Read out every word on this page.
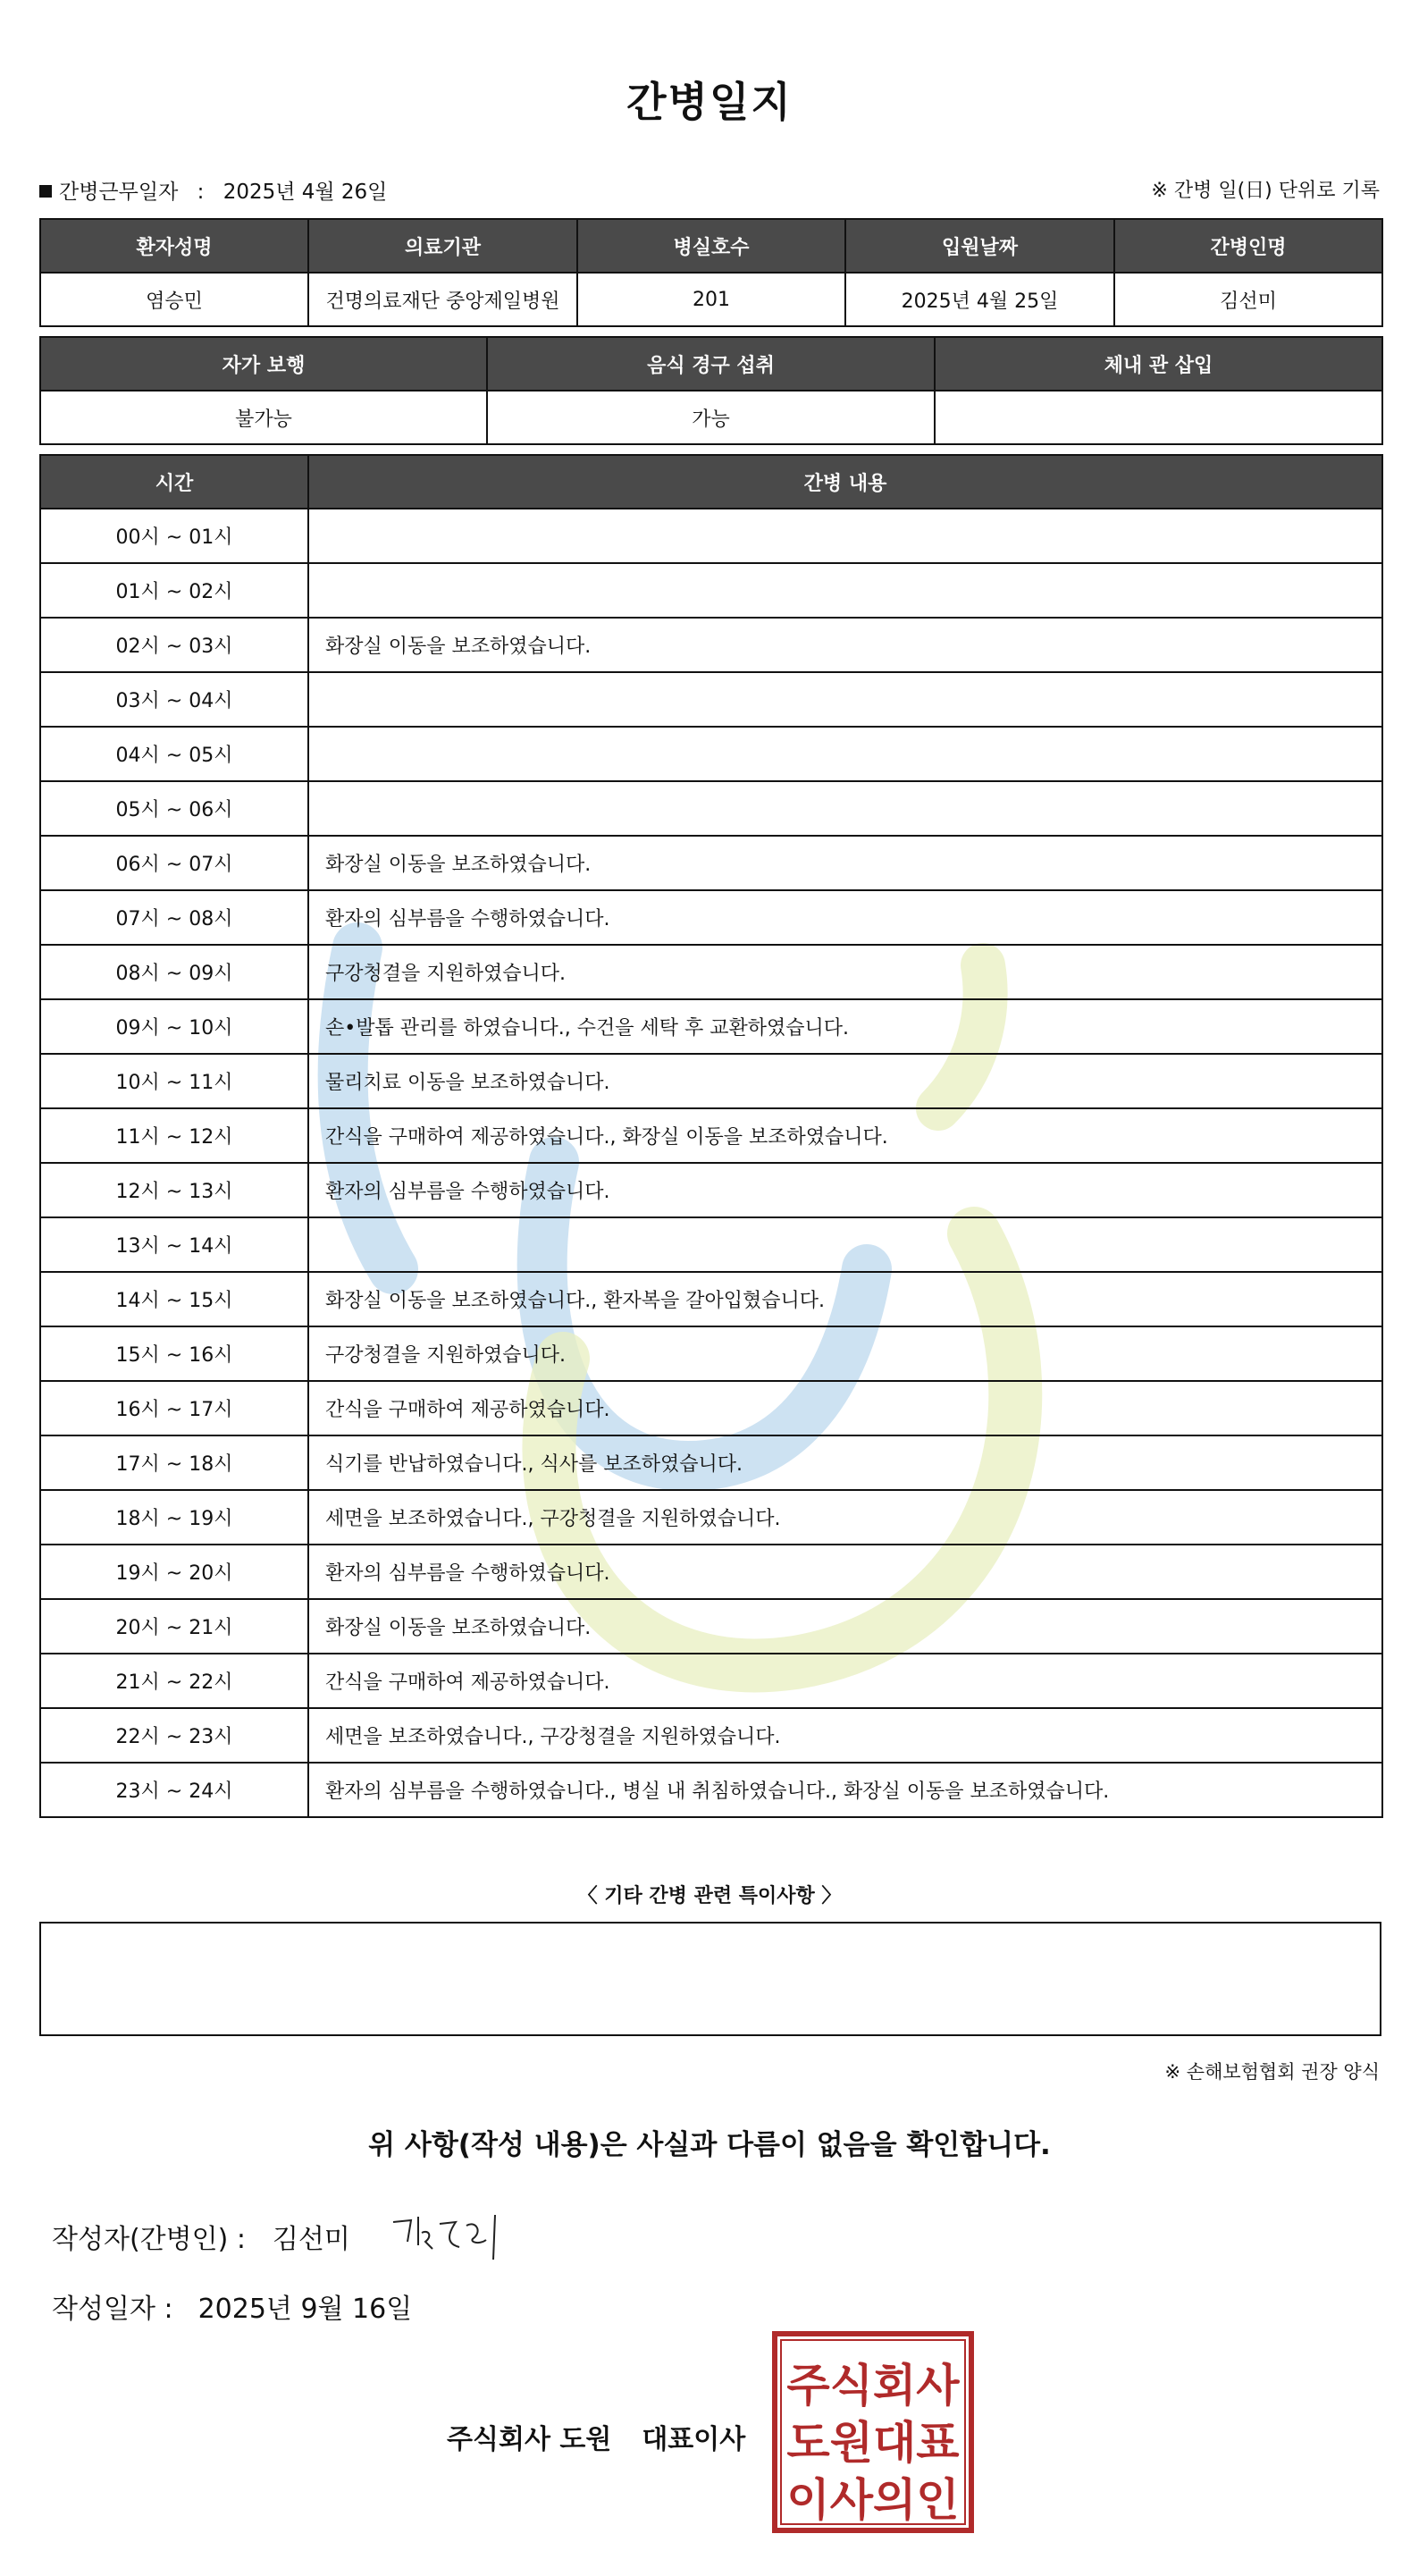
간병일지
간병근무일자 : 2025년 4월 26일	※ 간병 일(日) 단위로 기록
환자성명	의료기관	병실호수	입원날짜	간병인명
염승민	건명의료재단 중앙제일병원	201	2025년 4월 25일	김선미
자가 보행	음식 경구 섭취	체내 관 삽입
불가능	가능	
시간	간병 내용
00시 ~ 01시	
01시 ~ 02시	
02시 ~ 03시	화장실 이동을 보조하였습니다.
03시 ~ 04시	
04시 ~ 05시	
05시 ~ 06시	
06시 ~ 07시	화장실 이동을 보조하였습니다.
07시 ~ 08시	환자의 심부름을 수행하였습니다.
08시 ~ 09시	구강청결을 지원하였습니다.
09시 ~ 10시	손•발톱 관리를 하였습니다., 수건을 세탁 후 교환하였습니다.
10시 ~ 11시	물리치료 이동을 보조하였습니다.
11시 ~ 12시	간식을 구매하여 제공하였습니다., 화장실 이동을 보조하였습니다.
12시 ~ 13시	환자의 심부름을 수행하였습니다.
13시 ~ 14시	
14시 ~ 15시	화장실 이동을 보조하였습니다., 환자복을 갈아입혔습니다.
15시 ~ 16시	구강청결을 지원하였습니다.
16시 ~ 17시	간식을 구매하여 제공하였습니다.
17시 ~ 18시	식기를 반납하였습니다., 식사를 보조하였습니다.
18시 ~ 19시	세면을 보조하였습니다., 구강청결을 지원하였습니다.
19시 ~ 20시	환자의 심부름을 수행하였습니다.
20시 ~ 21시	화장실 이동을 보조하였습니다.
21시 ~ 22시	간식을 구매하여 제공하였습니다.
22시 ~ 23시	세면을 보조하였습니다., 구강청결을 지원하였습니다.
23시 ~ 24시	환자의 심부름을 수행하였습니다., 병실 내 취침하였습니다., 화장실 이동을 보조하였습니다.
〈 기타 간병 관련 특이사항 〉
※ 손해보험협회 권장 양식
위 사항(작성 내용)은 사실과 다름이 없음을 확인합니다.
작성자(간병인) : 김선미
작성일자 : 2025년 9월 16일
주식회사 도원 대표이사
주식회사
도원대표
이사의인
